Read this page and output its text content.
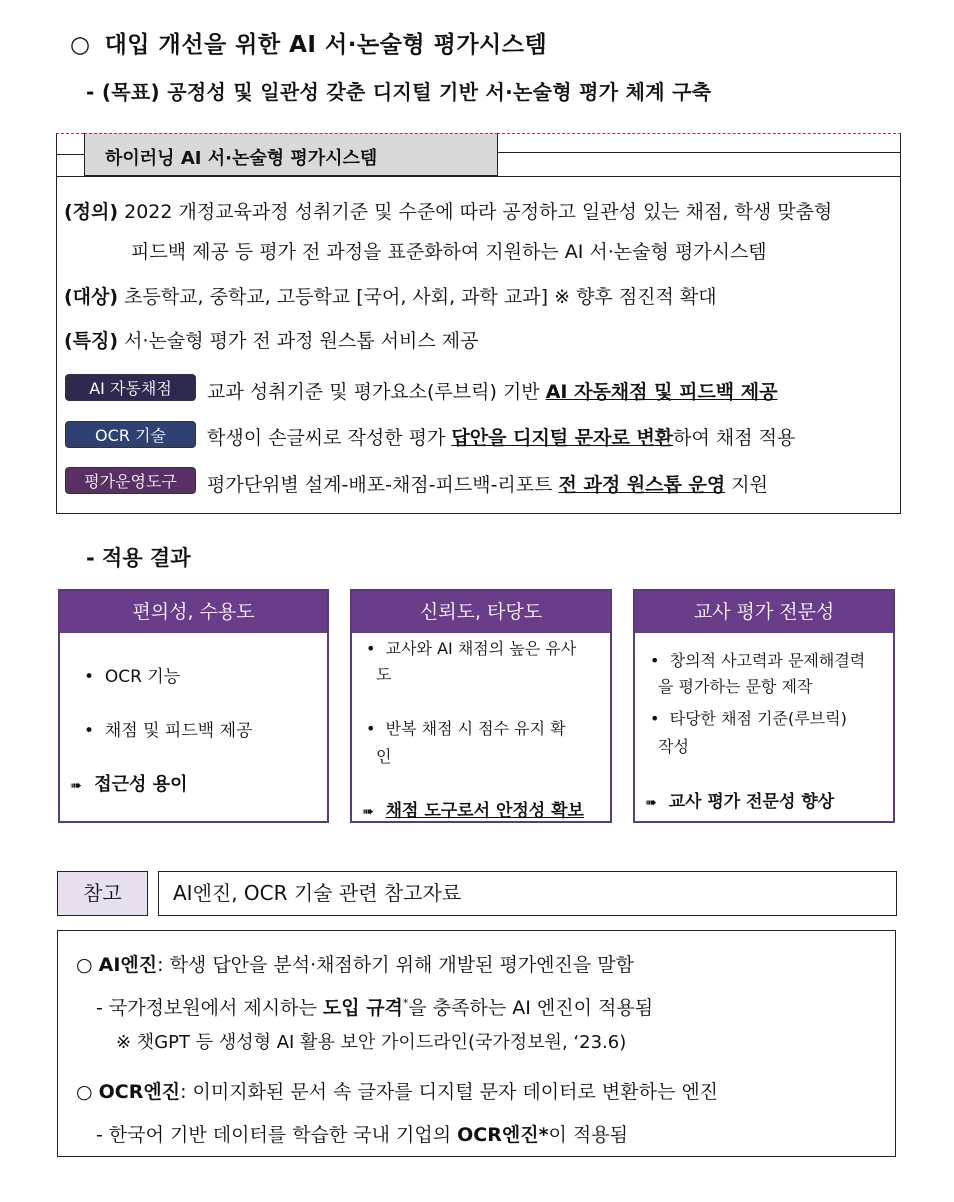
○ 대입 개선을 위한 AI 서·논술형 평가시스템
- (목표) 공정성 및 일관성 갖춘 디지털 기반 서·논술형 평가 체계 구축
하이러닝 AI 서·논술형 평가시스템
(정의) 2022 개정교육과정 성취기준 및 수준에 따라 공정하고 일관성 있는 채점, 학생 맞춤형
피드백 제공 등 평가 전 과정을 표준화하여 지원하는 AI 서·논술형 평가시스템
(대상) 초등학교, 중학교, 고등학교 [국어, 사회, 과학 교과] ※ 향후 점진적 확대
(특징) 서·논술형 평가 전 과정 원스톱 서비스 제공
AI 자동채점	교과 성취기준 및 평가요소(루브릭) 기반 AI 자동채점 및 피드백 제공
OCR 기술	학생이 손글씨로 작성한 평가 답안을 디지털 문자로 변환하여 채점 적용
평가운영도구	평가단위별 설계-배포-채점-피드백-리포트 전 과정 원스톱 운영 지원
- 적용 결과
편의성, 수용도
• OCR 기능
• 채점 및 피드백 제공
➠ 접근성 용이
신뢰도, 타당도
• 교사와 AI 채점의 높은 유사
도
• 반복 채점 시 점수 유지 확
인
➠ 채점 도구로서 안정성 확보
교사 평가 전문성
• 창의적 사고력과 문제해결력
을 평가하는 문항 제작
• 타당한 채점 기준(루브릭)
작성
➠ 교사 평가 전문성 향상
참고	AI엔진, OCR 기술 관련 참고자료
○ AI엔진: 학생 답안을 분석·채점하기 위해 개발된 평가엔진을 말함
- 국가정보원에서 제시하는 도입 규격*을 충족하는 AI 엔진이 적용됨
※ 챗GPT 등 생성형 AI 활용 보안 가이드라인(국가정보원, ‘23.6)
○ OCR엔진: 이미지화된 문서 속 글자를 디지털 문자 데이터로 변환하는 엔진
- 한국어 기반 데이터를 학습한 국내 기업의 OCR엔진*이 적용됨
